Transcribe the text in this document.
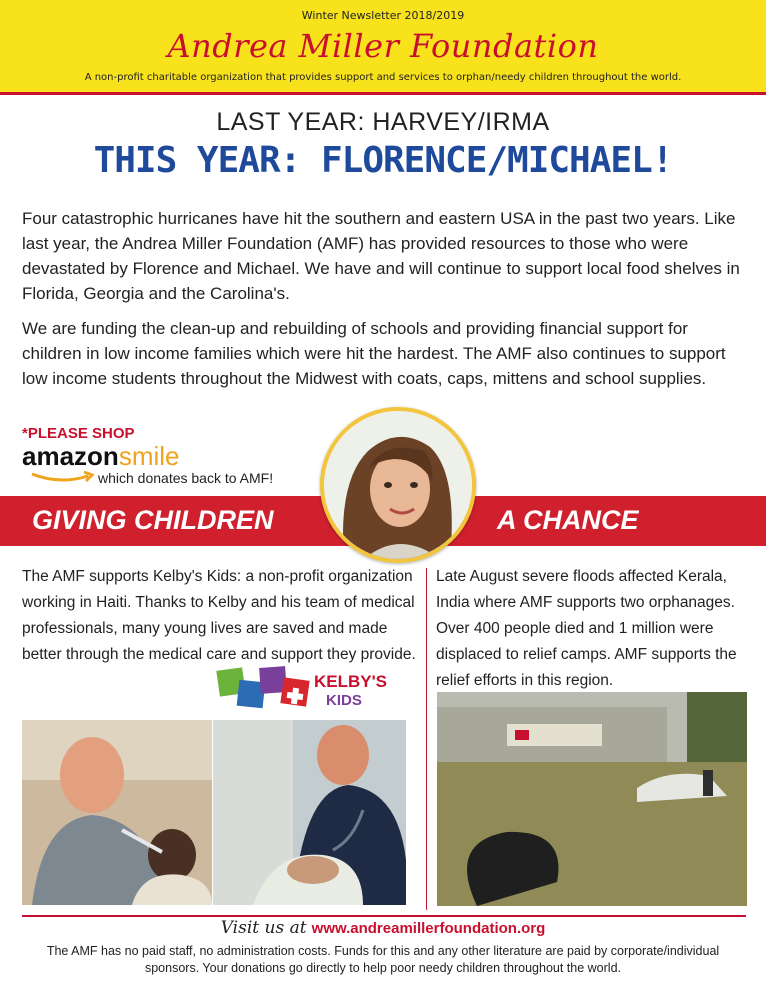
Winter Newsletter 2018/2019
Andrea Miller Foundation
A non-profit charitable organization that provides support and services to orphan/needy children throughout the world.
LAST YEAR: HARVEY/IRMA
THIS YEAR: FLORENCE/MICHAEL!

Four catastrophic hurricanes have hit the southern and eastern USA in the past two years. Like last year, the Andrea Miller Foundation (AMF) has provided resources to those who were devastated by Florence and Michael. We have and will continue to support local food shelves in Florida, Georgia and the Carolina's.

We are funding the clean-up and rebuilding of schools and providing financial support for children in low income families which were hit the hardest. The AMF also continues to support low income students throughout the Midwest with coats, caps, mittens and school supplies.

*PLEASE SHOP
amazonsmile
which donates back to AMF!
GIVING CHILDREN	A CHANCE

The AMF supports Kelby's Kids: a non-profit organization working in Haiti. Thanks to Kelby and his team of medical professionals, many young lives are saved and made better through the medical care and support they provide.

Late August severe floods affected Kerala, India where AMF supports two orphanages. Over 400 people died and 1 million were displaced to relief camps. AMF supports the relief efforts in this region.

KELBY'S
KIDS
Visit us at www.andreamillerfoundation.org

The AMF has no paid staff, no administration costs. Funds for this and any other literature are paid by corporate/individual sponsors. Your donations go directly to help poor needy children throughout the world.
